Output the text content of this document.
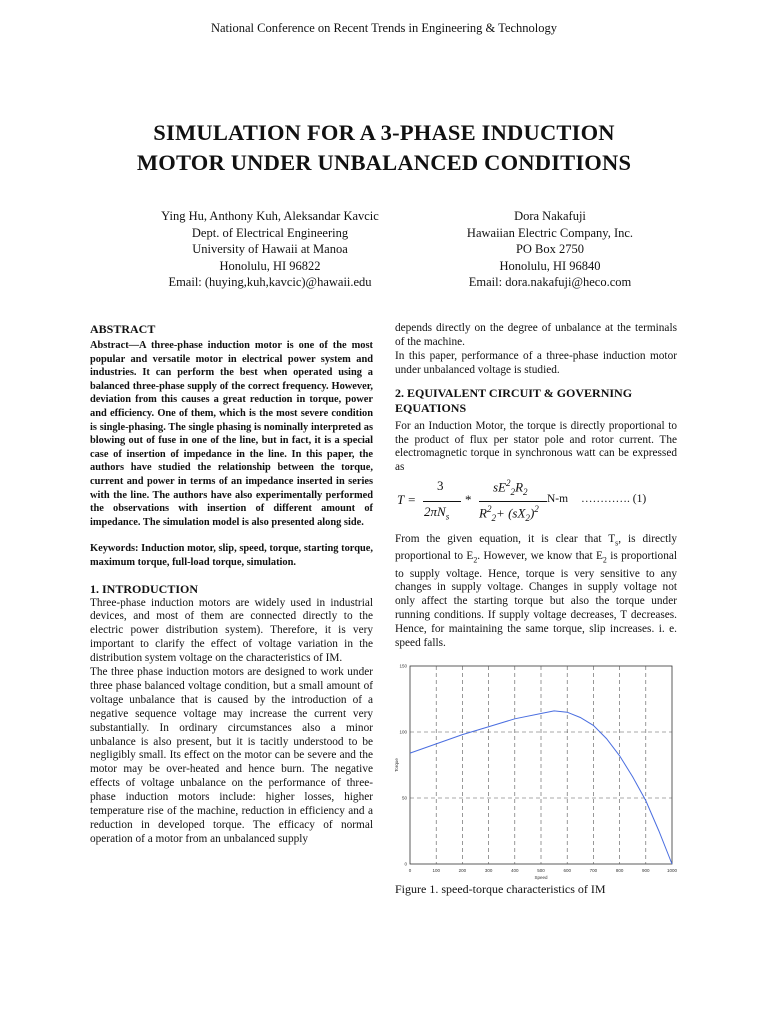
National Conference on Recent Trends in Engineering & Technology
SIMULATION FOR A 3-PHASE INDUCTION
MOTOR UNDER UNBALANCED CONDITIONS
Ying Hu, Anthony Kuh, Aleksandar Kavcic
Dept. of Electrical Engineering
University of Hawaii at Manoa
Honolulu, HI 96822
Email: (huying,kuh,kavcic)@hawaii.edu
Dora Nakafuji
Hawaiian Electric Company, Inc.
PO Box 2750
Honolulu, HI 96840
Email: dora.nakafuji@heco.com
ABSTRACT

Abstract—A three-phase induction motor is one of the most popular and versatile motor in electrical power system and industries. It can perform the best when operated using a balanced three-phase supply of the correct frequency. However, deviation from this causes a great reduction in torque, power and efficiency. One of them, which is the most severe condition is single-phasing. The single phasing is nominally interpreted as blowing out of fuse in one of the line, but in fact, it is a special case of insertion of impedance in the line. In this paper, the authors have studied the relationship between the torque, current and power in terms of an impedance inserted in series with the line. The authors have also experimentally performed the observations with insertion of different amount of impedance. The simulation model is also presented along side.

Keywords: Induction motor, slip, speed, torque, starting torque, maximum torque, full-load torque, simulation.

1. INTRODUCTION

Three-phase induction motors are widely used in industrial devices, and most of them are connected directly to the electric power distribution system). Therefore, it is very important to clarify the effect of voltage variation in the distribution system voltage on the characteristics of IM.

The three phase induction motors are designed to work under three phase balanced voltage condition, but a small amount of voltage unbalance that is caused by the introduction of a negative sequence voltage may increase the current very substantially. In ordinary circumstances also a minor unbalance is also present, but it is tacitly understood to be negligibly small. Its effect on the motor can be severe and the motor may be over-heated and hence burn. The negative effects of voltage unbalance on the performance of three-phase induction motors include: higher losses, higher temperature rise of the machine, reduction in efficiency and a reduction in developed torque. The efficacy of normal operation of a motor from an unbalanced supply

depends directly on the degree of unbalance at the terminals of the machine.

In this paper, performance of a three-phase induction motor under unbalanced voltage is studied.

2. EQUIVALENT CIRCUIT & GOVERNING EQUATIONS

For an Induction Motor, the torque is directly proportional to the product of flux per stator pole and rotor current. The electromagnetic torque in synchronous watt can be expressed as

T =
3
$2\pi N_s$
*
$sE^2_2R_2$
$R^2_2+ (sX_2)^2$
N-m …………. (1)

From the given equation, it is clear that $T_s$, is directly proportional to $E_2$. However, we know that $E_2$ is proportional to supply voltage. Hence, torque is very sensitive to any changes in supply voltage. Changes in supply voltage not only affect the starting torque but also the torque under running conditions. If supply voltage decreases, T decreases. Hence, for maintaining the same torque, slip increases. i. e. speed falls.

0	100	200	300	400	500	600	700	800	900	1000
0
50
100
150
Speed
Torque
Figure 1. speed-torque characteristics of IM
